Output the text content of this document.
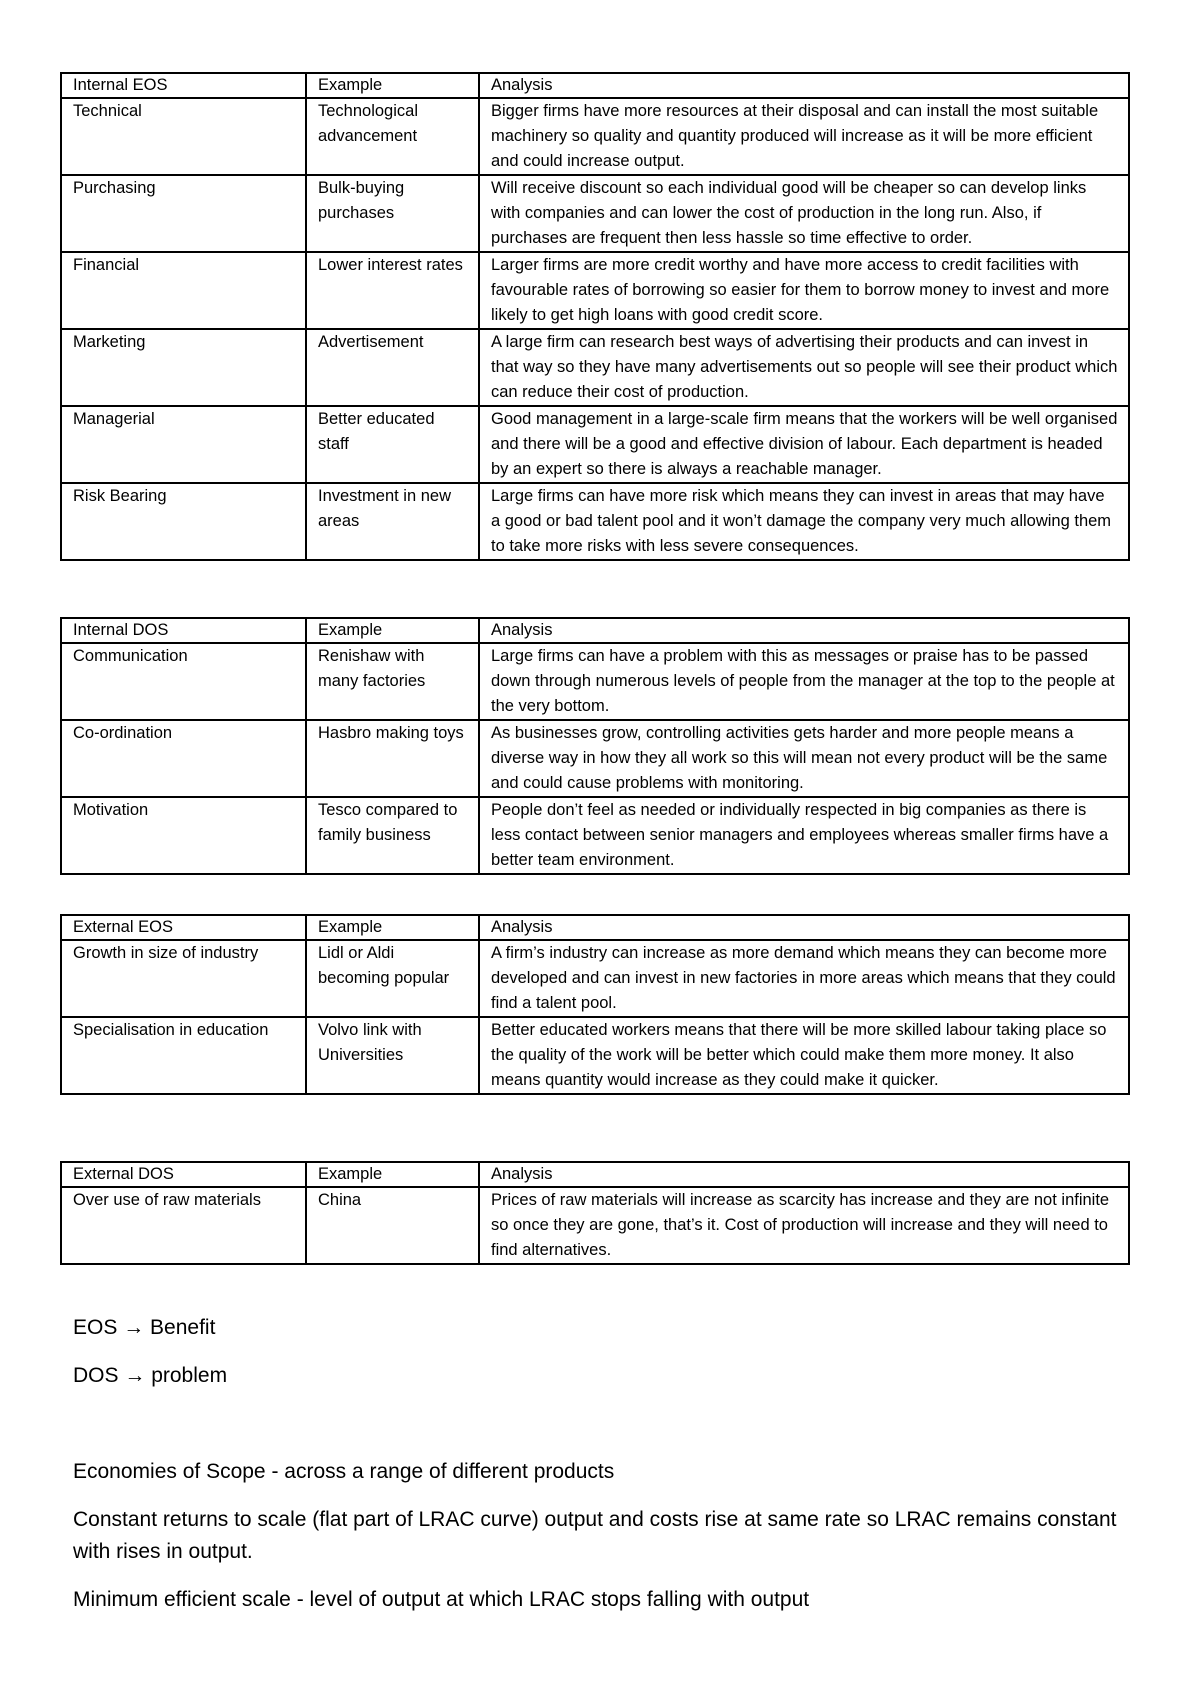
Internal EOS	Example	Analysis
Technical	Technological advancement	Bigger firms have more resources at their disposal and can install the most suitable machinery so quality and quantity produced will increase as it will be more efficient and could increase output.
Purchasing	Bulk-buying purchases	Will receive discount so each individual good will be cheaper so can develop links with companies and can lower the cost of production in the long run. Also, if purchases are frequent then less hassle so time effective to order.
Financial	Lower interest rates	Larger firms are more credit worthy and have more access to credit facilities with favourable rates of borrowing so easier for them to borrow money to invest and more likely to get high loans with good credit score.
Marketing	Advertisement	A large firm can research best ways of advertising their products and can invest in that way so they have many advertisements out so people will see their product which can reduce their cost of production.
Managerial	Better educated staff	Good management in a large-scale firm means that the workers will be well organised and there will be a good and effective division of labour. Each department is headed by an expert so there is always a reachable manager.
Risk Bearing	Investment in new areas	Large firms can have more risk which means they can invest in areas that may have a good or bad talent pool and it won’t damage the company very much allowing them to take more risks with less severe consequences.
Internal DOS	Example	Analysis
Communication	Renishaw with many factories	Large firms can have a problem with this as messages or praise has to be passed down through numerous levels of people from the manager at the top to the people at the very bottom.
Co-ordination	Hasbro making toys	As businesses grow, controlling activities gets harder and more people means a diverse way in how they all work so this will mean not every product will be the same and could cause problems with monitoring.
Motivation	Tesco compared to family business	People don’t feel as needed or individually respected in big companies as there is less contact between senior managers and employees whereas smaller firms have a better team environment.
External EOS	Example	Analysis
Growth in size of industry	Lidl or Aldi becoming popular	A firm’s industry can increase as more demand which means they can become more developed and can invest in new factories in more areas which means that they could find a talent pool.
Specialisation in education	Volvo link with Universities	Better educated workers means that there will be more skilled labour taking place so the quality of the work will be better which could make them more money. It also means quantity would increase as they could make it quicker.
External DOS	Example	Analysis
Over use of raw materials	China	Prices of raw materials will increase as scarcity has increase and they are not infinite so once they are gone, that’s it. Cost of production will increase and they will need to find alternatives.

EOS → Benefit

DOS → problem

Economies of Scope - across a range of different products

Constant returns to scale (flat part of LRAC curve) output and costs rise at same rate so LRAC remains constant with rises in output.

Minimum efficient scale - level of output at which LRAC stops falling with output
